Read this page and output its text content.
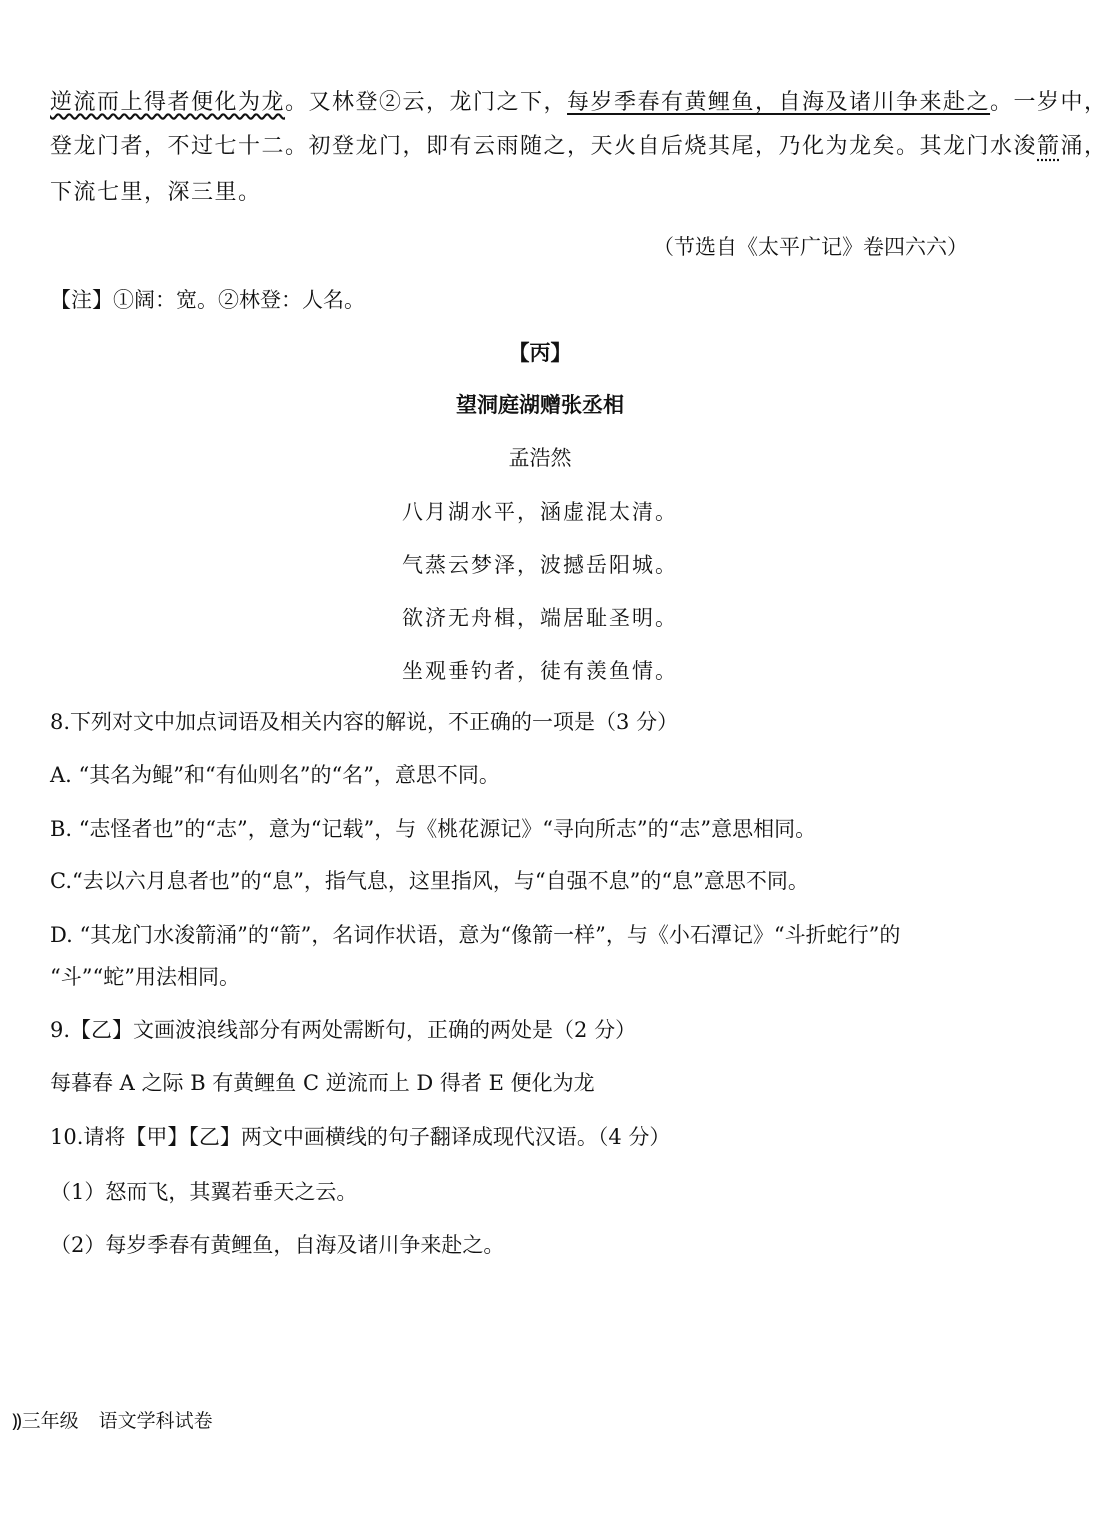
逆流而上得者便化为龙。又林登②云，龙门之下，每岁季春有黄鲤鱼，自海及诸川争来赴之。一岁中，
登龙门者，不过七十二。初登龙门，即有云雨随之，天火自后烧其尾，乃化为龙矣。其龙门水浚箭涌，
下流七里，深三里。
（节选自《太平广记》卷四六六）
【注】①阔：宽。②林登：人名。
【丙】
望洞庭湖赠张丞相
孟浩然
八月湖水平，涵虚混太清。
气蒸云梦泽，波撼岳阳城。
欲济无舟楫，端居耻圣明。
坐观垂钓者，徒有羡鱼情。
8.下列对文中加点词语及相关内容的解说，不正确的一项是（3 分）
A. “其名为鲲”和“有仙则名”的“名”，意思不同。
B. “志怪者也”的“志”，意为“记载”，与《桃花源记》“寻向所志”的“志”意思相同。
C.“去以六月息者也”的“息”，指气息，这里指风，与“自强不息”的“息”意思不同。
D. “其龙门水浚箭涌”的“箭”，名词作状语，意为“像箭一样”，与《小石潭记》“斗折蛇行”的
“斗”“蛇”用法相同。
9.【乙】文画波浪线部分有两处需断句，正确的两处是（2 分）
每暮春 A 之际 B 有黄鲤鱼 C 逆流而上 D 得者 E 便化为龙
10.请将【甲】【乙】两文中画横线的句子翻译成现代汉语。（4 分）
（1）怒而飞，其翼若垂天之云。
（2）每岁季春有黄鲤鱼，自海及诸川争来赴之。
⸩三年级 语文学科试卷
